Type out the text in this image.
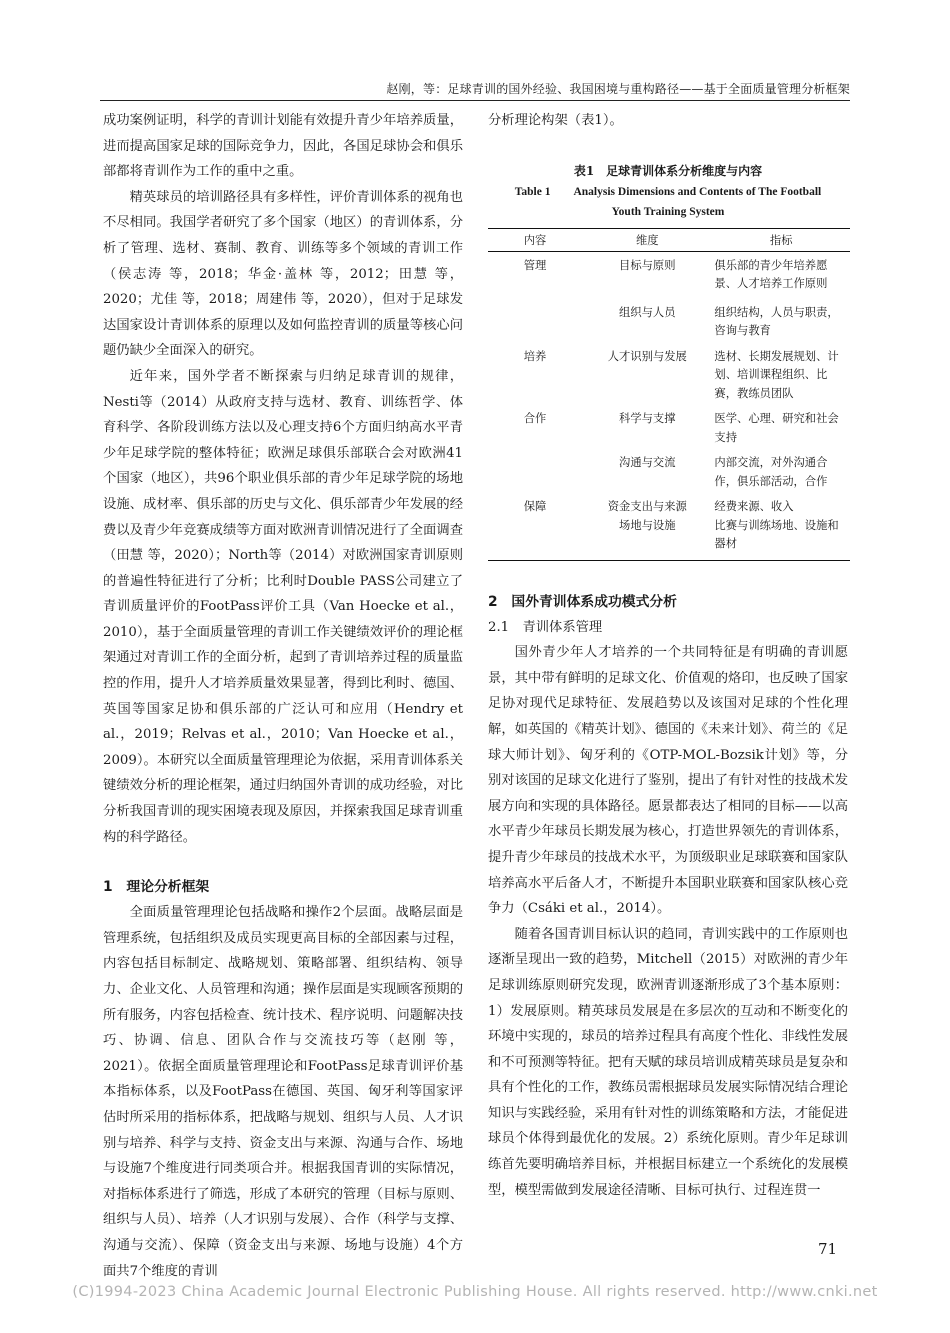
赵刚，等：足球青训的国外经验、我国困境与重构路径——基于全面质量管理分析框架

成功案例证明，科学的青训计划能有效提升青少年培养质量，进而提高国家足球的国际竞争力，因此，各国足球协会和俱乐部都将青训作为工作的重中之重。

精英球员的培训路径具有多样性，评价青训体系的视角也不尽相同。我国学者研究了多个国家（地区）的青训体系，分析了管理、选材、赛制、教育、训练等多个领域的青训工作（侯志涛 等，2018；华金·盖林 等，2012；田慧 等，2020；尤佳 等，2018；周建伟 等，2020），但对于足球发达国家设计青训体系的原理以及如何监控青训的质量等核心问题仍缺少全面深入的研究。

近年来，国外学者不断探索与归纳足球青训的规律，Nesti等（2014）从政府支持与选材、教育、训练哲学、体育科学、各阶段训练方法以及心理支持6个方面归纳高水平青少年足球学院的整体特征；欧洲足球俱乐部联合会对欧洲41个国家（地区），共96个职业俱乐部的青少年足球学院的场地设施、成材率、俱乐部的历史与文化、俱乐部青少年发展的经费以及青少年竞赛成绩等方面对欧洲青训情况进行了全面调查（田慧 等，2020）；North等（2014）对欧洲国家青训原则的普遍性特征进行了分析；比利时Double PASS公司建立了青训质量评价的FootPass评价工具（Van Hoecke et al.，2010），基于全面质量管理的青训工作关键绩效评价的理论框架通过对青训工作的全面分析，起到了青训培养过程的质量监控的作用，提升人才培养质量效果显著，得到比利时、德国、英国等国家足协和俱乐部的广泛认可和应用（Hendry et al.，2019；Relvas et al.，2010；Van Hoecke et al.，2009）。本研究以全面质量管理理论为依据，采用青训体系关键绩效分析的理论框架，通过归纳国外青训的成功经验，对比分析我国青训的现实困境表现及原因，并探索我国足球青训重构的科学路径。

1　理论分析框架

全面质量管理理论包括战略和操作2个层面。战略层面是管理系统，包括组织及成员实现更高目标的全部因素与过程，内容包括目标制定、战略规划、策略部署、组织结构、领导力、企业文化、人员管理和沟通；操作层面是实现顾客预期的所有服务，内容包括检查、统计技术、程序说明、问题解决技巧、协调、信息、团队合作与交流技巧等（赵刚 等，2021）。依据全面质量管理理论和FootPass足球青训评价基本指标体系，以及FootPass在德国、英国、匈牙利等国家评估时所采用的指标体系，把战略与规划、组织与人员、人才识别与培养、科学与支持、资金支出与来源、沟通与合作、场地与设施7个维度进行同类项合并。根据我国青训的实际情况，对指标体系进行了筛选，形成了本研究的管理（目标与原则、组织与人员）、培养（人才识别与发展）、合作（科学与支撑、沟通与交流）、保障（资金支出与来源、场地与设施）4个方面共7个维度的青训

分析理论构架（表1）。

表1　足球青训体系分析维度与内容
Table 1　　Analysis Dimensions and Contents of The Football
Youth Training System
内容	维度	指标
管理	目标与原则	俱乐部的青少年培养愿景、人才培养工作原则
	组织与人员	组织结构，人员与职责，咨询与教育
培养	人才识别与发展	选材、长期发展规划、计划、培训课程组织、比赛，教练员团队
合作	科学与支撑	医学、心理、研究和社会支持
	沟通与交流	内部交流，对外沟通合作，俱乐部活动，合作
保障	资金支出与来源	经费来源、收入
	场地与设施	比赛与训练场地、设施和器材
2　国外青训体系成功模式分析
2.1　青训体系管理

国外青少年人才培养的一个共同特征是有明确的青训愿景，其中带有鲜明的足球文化、价值观的烙印，也反映了国家足协对现代足球特征、发展趋势以及该国对足球的个性化理解，如英国的《精英计划》、德国的《未来计划》、荷兰的《足球大师计划》、匈牙利的《OTP-MOL-Bozsik计划》等，分别对该国的足球文化进行了鉴别，提出了有针对性的技战术发展方向和实现的具体路径。愿景都表达了相同的目标——以高水平青少年球员长期发展为核心，打造世界领先的青训体系，提升青少年球员的技战术水平，为顶级职业足球联赛和国家队培养高水平后备人才，不断提升本国职业联赛和国家队核心竞争力（Csáki et al.，2014）。

随着各国青训目标认识的趋同，青训实践中的工作原则也逐渐呈现出一致的趋势，Mitchell（2015）对欧洲的青少年足球训练原则研究发现，欧洲青训逐渐形成了3个基本原则：1）发展原则。精英球员发展是在多层次的互动和不断变化的环境中实现的，球员的培养过程具有高度个性化、非线性发展和不可预测等特征。把有天赋的球员培训成精英球员是复杂和具有个性化的工作，教练员需根据球员发展实际情况结合理论知识与实践经验，采用有针对性的训练策略和方法，才能促进球员个体得到最优化的发展。2）系统化原则。青少年足球训练首先要明确培养目标，并根据目标建立一个系统化的发展模型，模型需做到发展途径清晰、目标可执行、过程连贯一

71
(C)1994-2023 China Academic Journal Electronic Publishing House. All rights reserved. http://www.cnki.net
